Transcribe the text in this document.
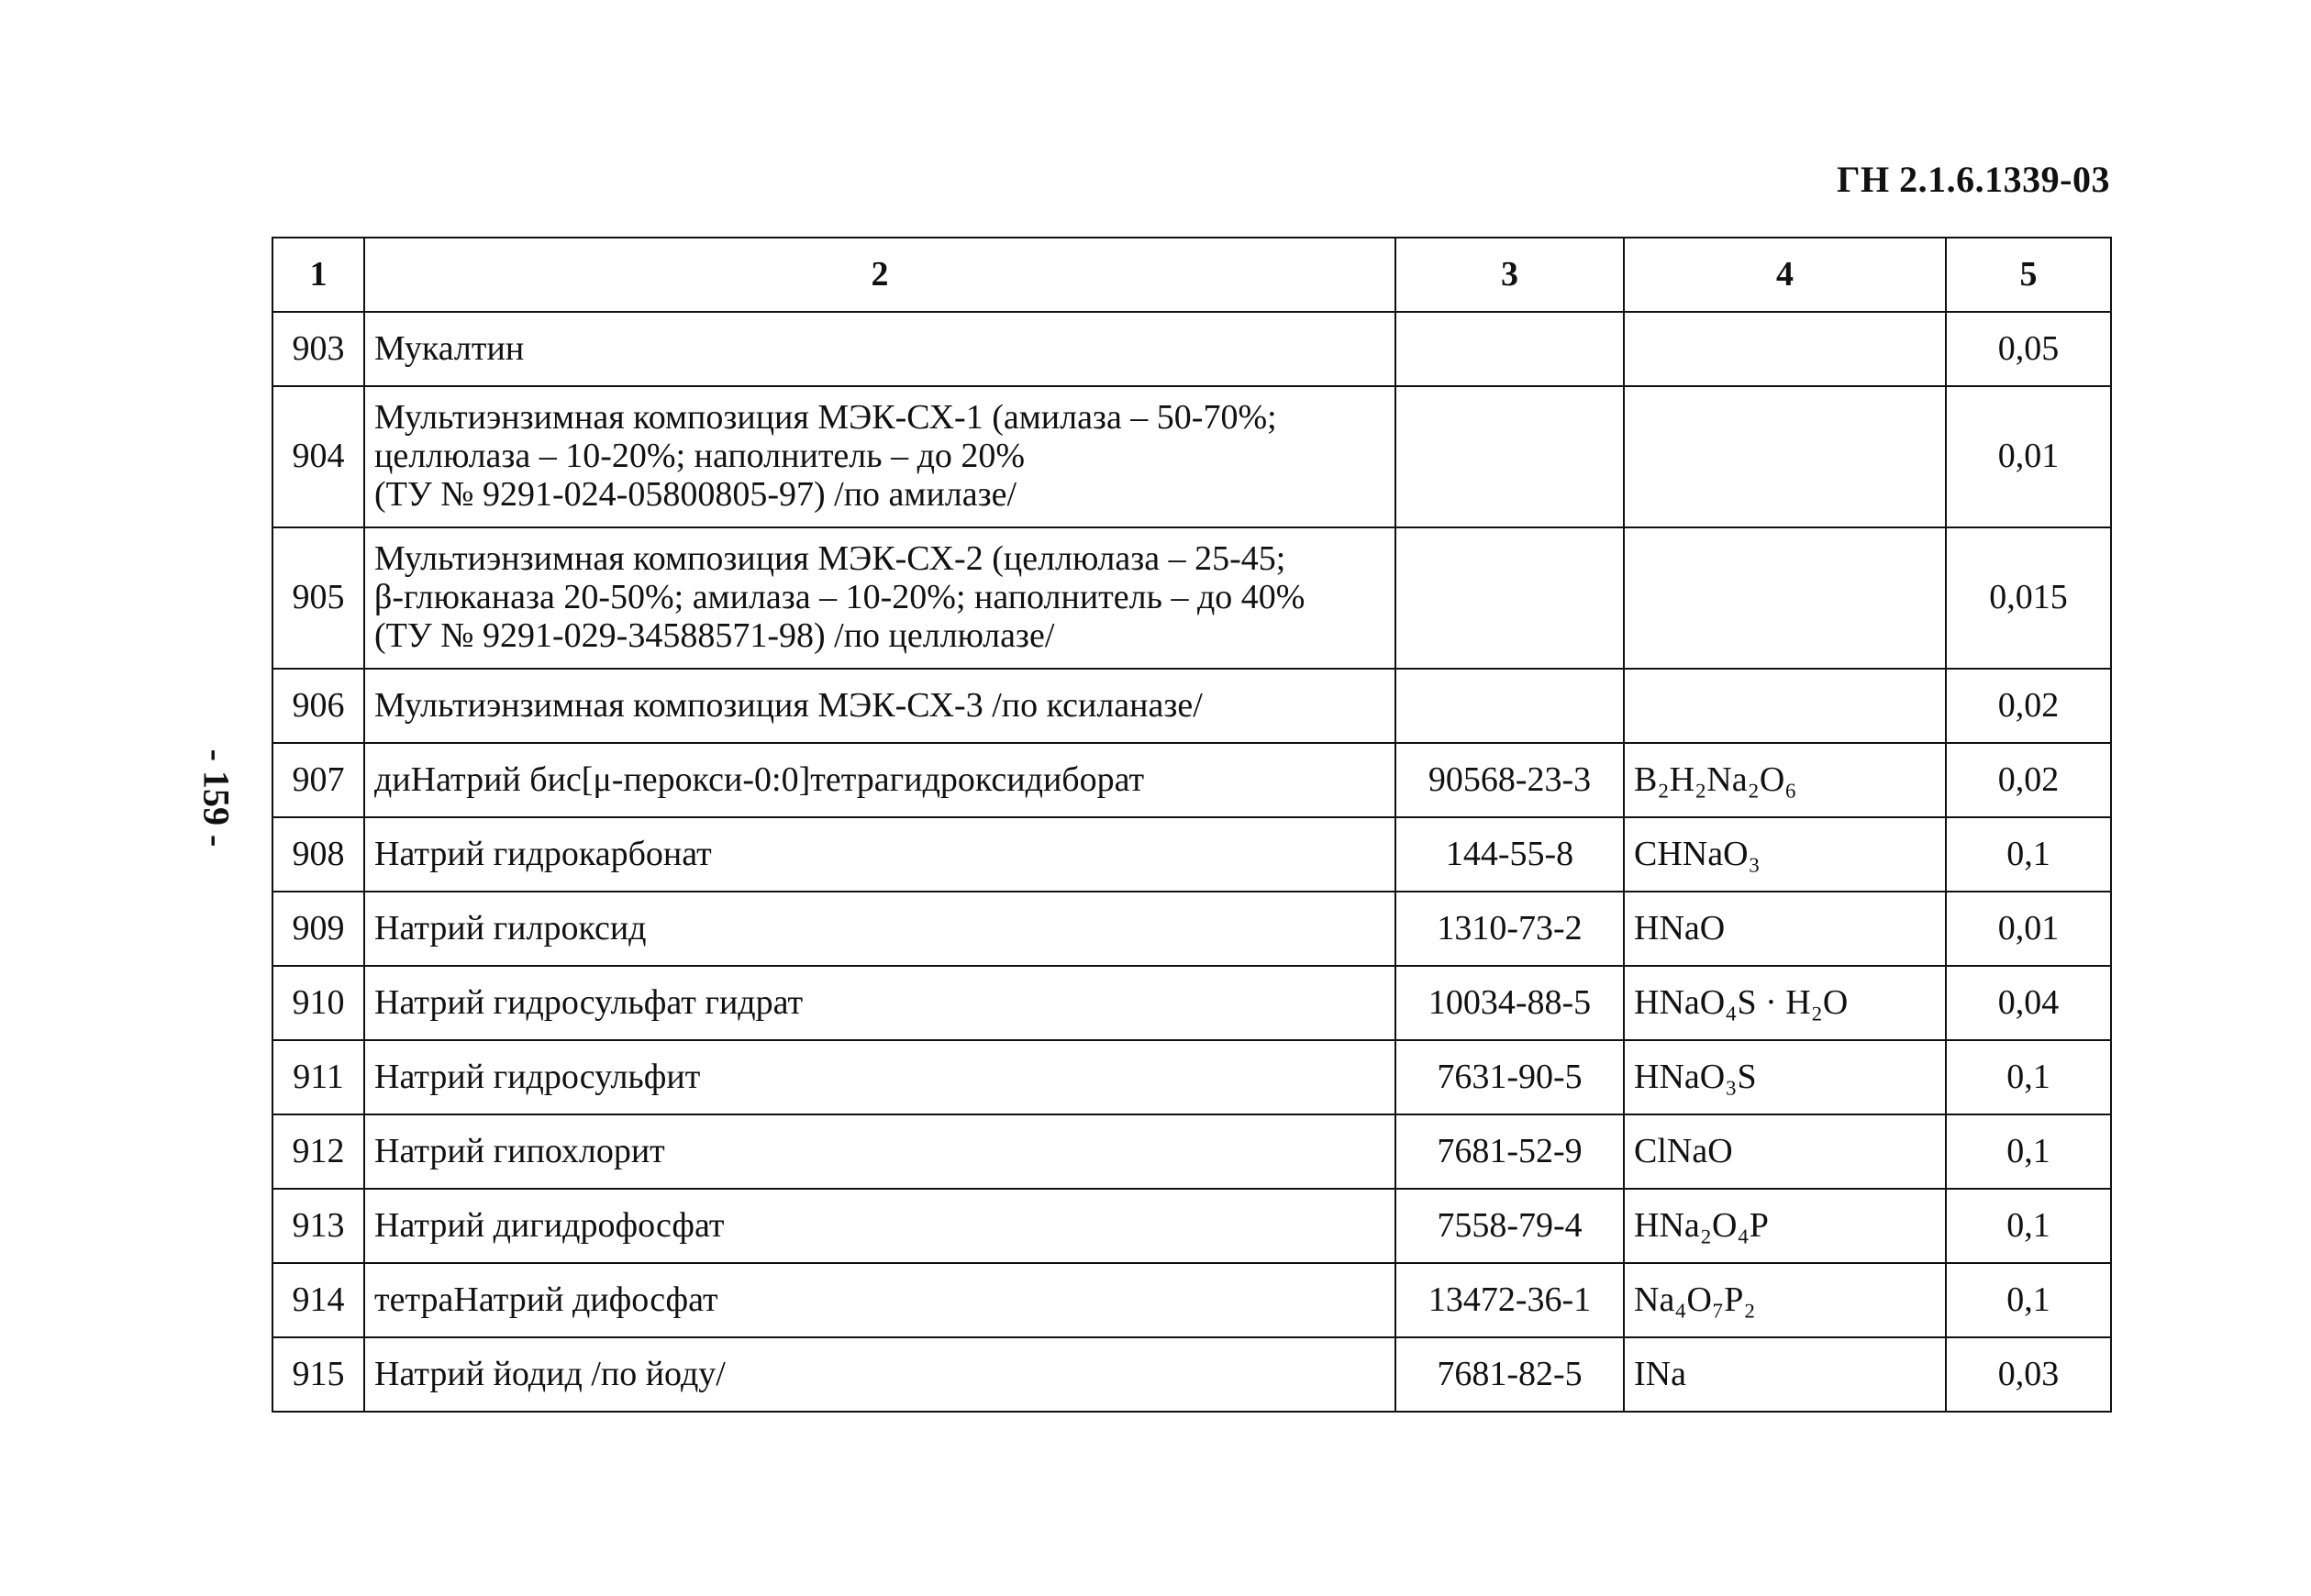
ГН 2.1.6.1339-03
- 159 -
1	2	3	4	5
903	Мукалтин			0,05
904	Мультиэнзимная композиция МЭК-СХ-1 (амилаза – 50-70%;
целлюлаза – 10-20%; наполнитель – до 20%
(ТУ № 9291-024-05800805-97) /по амилазе/			0,01
905	Мультиэнзимная композиция МЭК-СХ-2 (целлюлаза – 25-45;
β-глюканаза 20-50%; амилаза – 10-20%; наполнитель – до 40%
(ТУ № 9291-029-34588571-98) /по целлюлазе/			0,015
906	Мультиэнзимная композиция МЭК-СХ-3 /по ксиланазе/			0,02
907	диНатрий бис[μ-перокси-0:0]тетрагидроксидиборат	90568-23-3	B₂H₂Na₂O₆	0,02
908	Натрий гидрокарбонат	144-55-8	CHNaO₃	0,1
909	Натрий гилроксид	1310-73-2	HNaO	0,01
910	Натрий гидросульфат гидрат	10034-88-5	HNaO₄S · H₂O	0,04
911	Натрий гидросульфит	7631-90-5	HNaO₃S	0,1
912	Натрий гипохлорит	7681-52-9	ClNaO	0,1
913	Натрий дигидрофосфат	7558-79-4	HNa₂O₄P	0,1
914	тетраНатрий дифосфат	13472-36-1	Na₄O₇P₂	0,1
915	Натрий йодид /по йоду/	7681-82-5	INa	0,03
